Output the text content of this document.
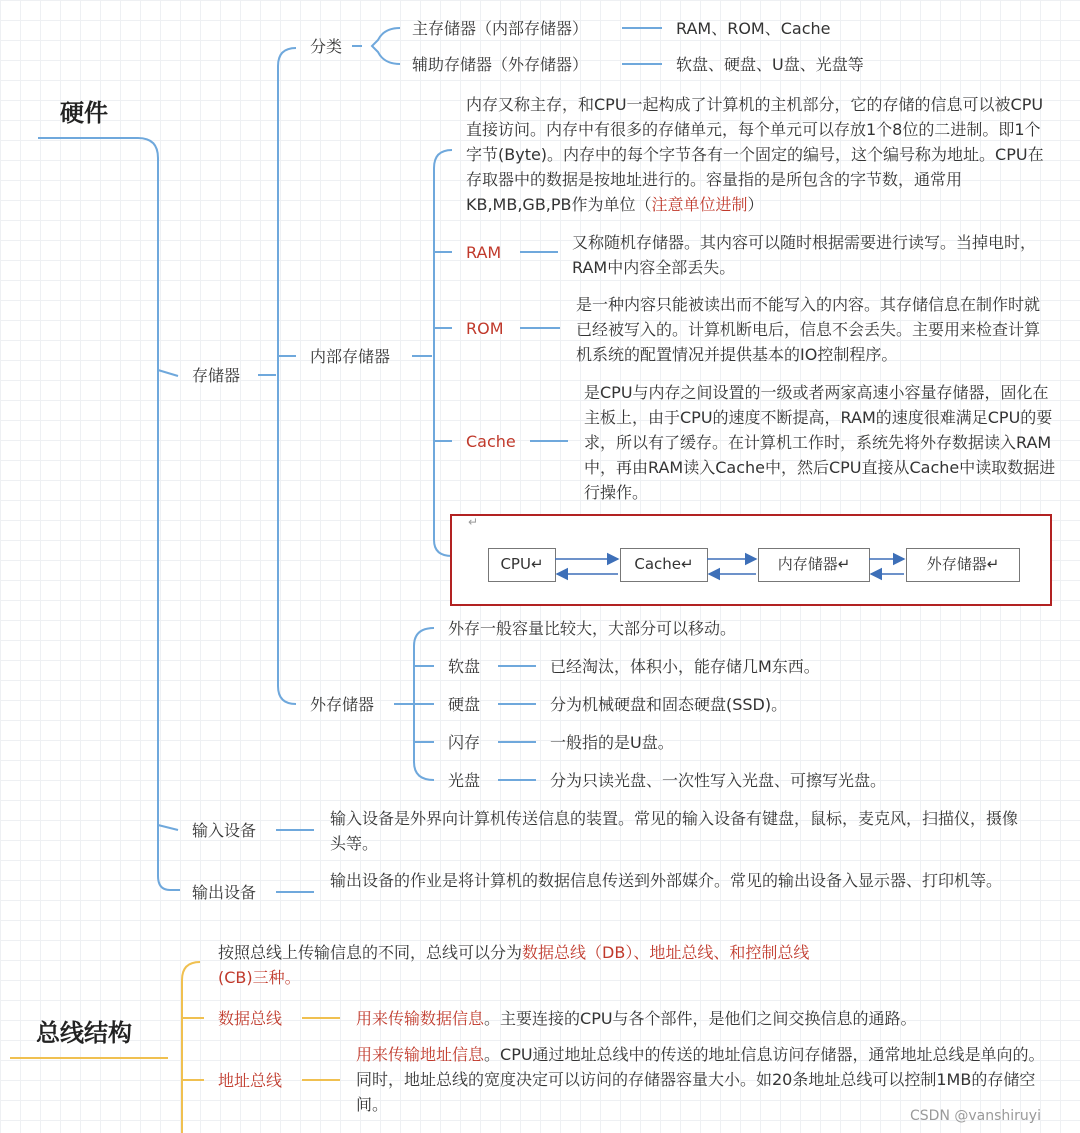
硬件
分类
主存储器（内部存储器）	RAM、ROM、Cache
辅助存储器（外存储器）	软盘、硬盘、U盘、光盘等
存储器
内部存储器
内存又称主存，和CPU一起构成了计算机的主机部分，它的存储的信息可以被CPU直接访问。内存中有很多的存储单元，每个单元可以存放1个8位的二进制。即1个字节(Byte)。内存中的每个字节各有一个固定的编号，这个编号称为地址。CPU在存取器中的数据是按地址进行的。容量指的是所包含的字节数，通常用KB,MB,GB,PB作为单位（注意单位进制）
RAM
又称随机存储器。其内容可以随时根据需要进行读写。当掉电时，RAM中内容全部丢失。
ROM
是一种内容只能被读出而不能写入的内容。其存储信息在制作时就已经被写入的。计算机断电后，信息不会丢失。主要用来检查计算机系统的配置情况并提供基本的IO控制程序。
Cache
是CPU与内存之间设置的一级或者两家高速小容量存储器，固化在主板上，由于CPU的速度不断提高，RAM的速度很难满足CPU的要求，所以有了缓存。在计算机工作时，系统先将外存数据读入RAM中，再由RAM读入Cache中，然后CPU直接从Cache中读取数据进行操作。
↵
CPU↵	Cache↵	内存储器↵	外存储器↵
外存储器
外存一般容量比较大，大部分可以移动。
软盘	已经淘汰，体积小，能存储几M东西。
硬盘	分为机械硬盘和固态硬盘(SSD)。
闪存	一般指的是U盘。
光盘	分为只读光盘、一次性写入光盘、可擦写光盘。
输入设备
输入设备是外界向计算机传送信息的装置。常见的输入设备有键盘，鼠标，麦克风，扫描仪，摄像头等。
输出设备
输出设备的作业是将计算机的数据信息传送到外部媒介。常见的输出设备入显示器、打印机等。
总线结构
按照总线上传输信息的不同，总线可以分为数据总线（DB）、地址总线、和控制总线
(CB)三种。
数据总线	用来传输数据信息。主要连接的CPU与各个部件，是他们之间交换信息的通路。
地址总线
用来传输地址信息。CPU通过地址总线中的传送的地址信息访问存储器，通常地址总线是单向的。同时，地址总线的宽度决定可以访问的存储器容量大小。如20条地址总线可以控制1MB的存储空间。
CSDN @vanshiruyi
